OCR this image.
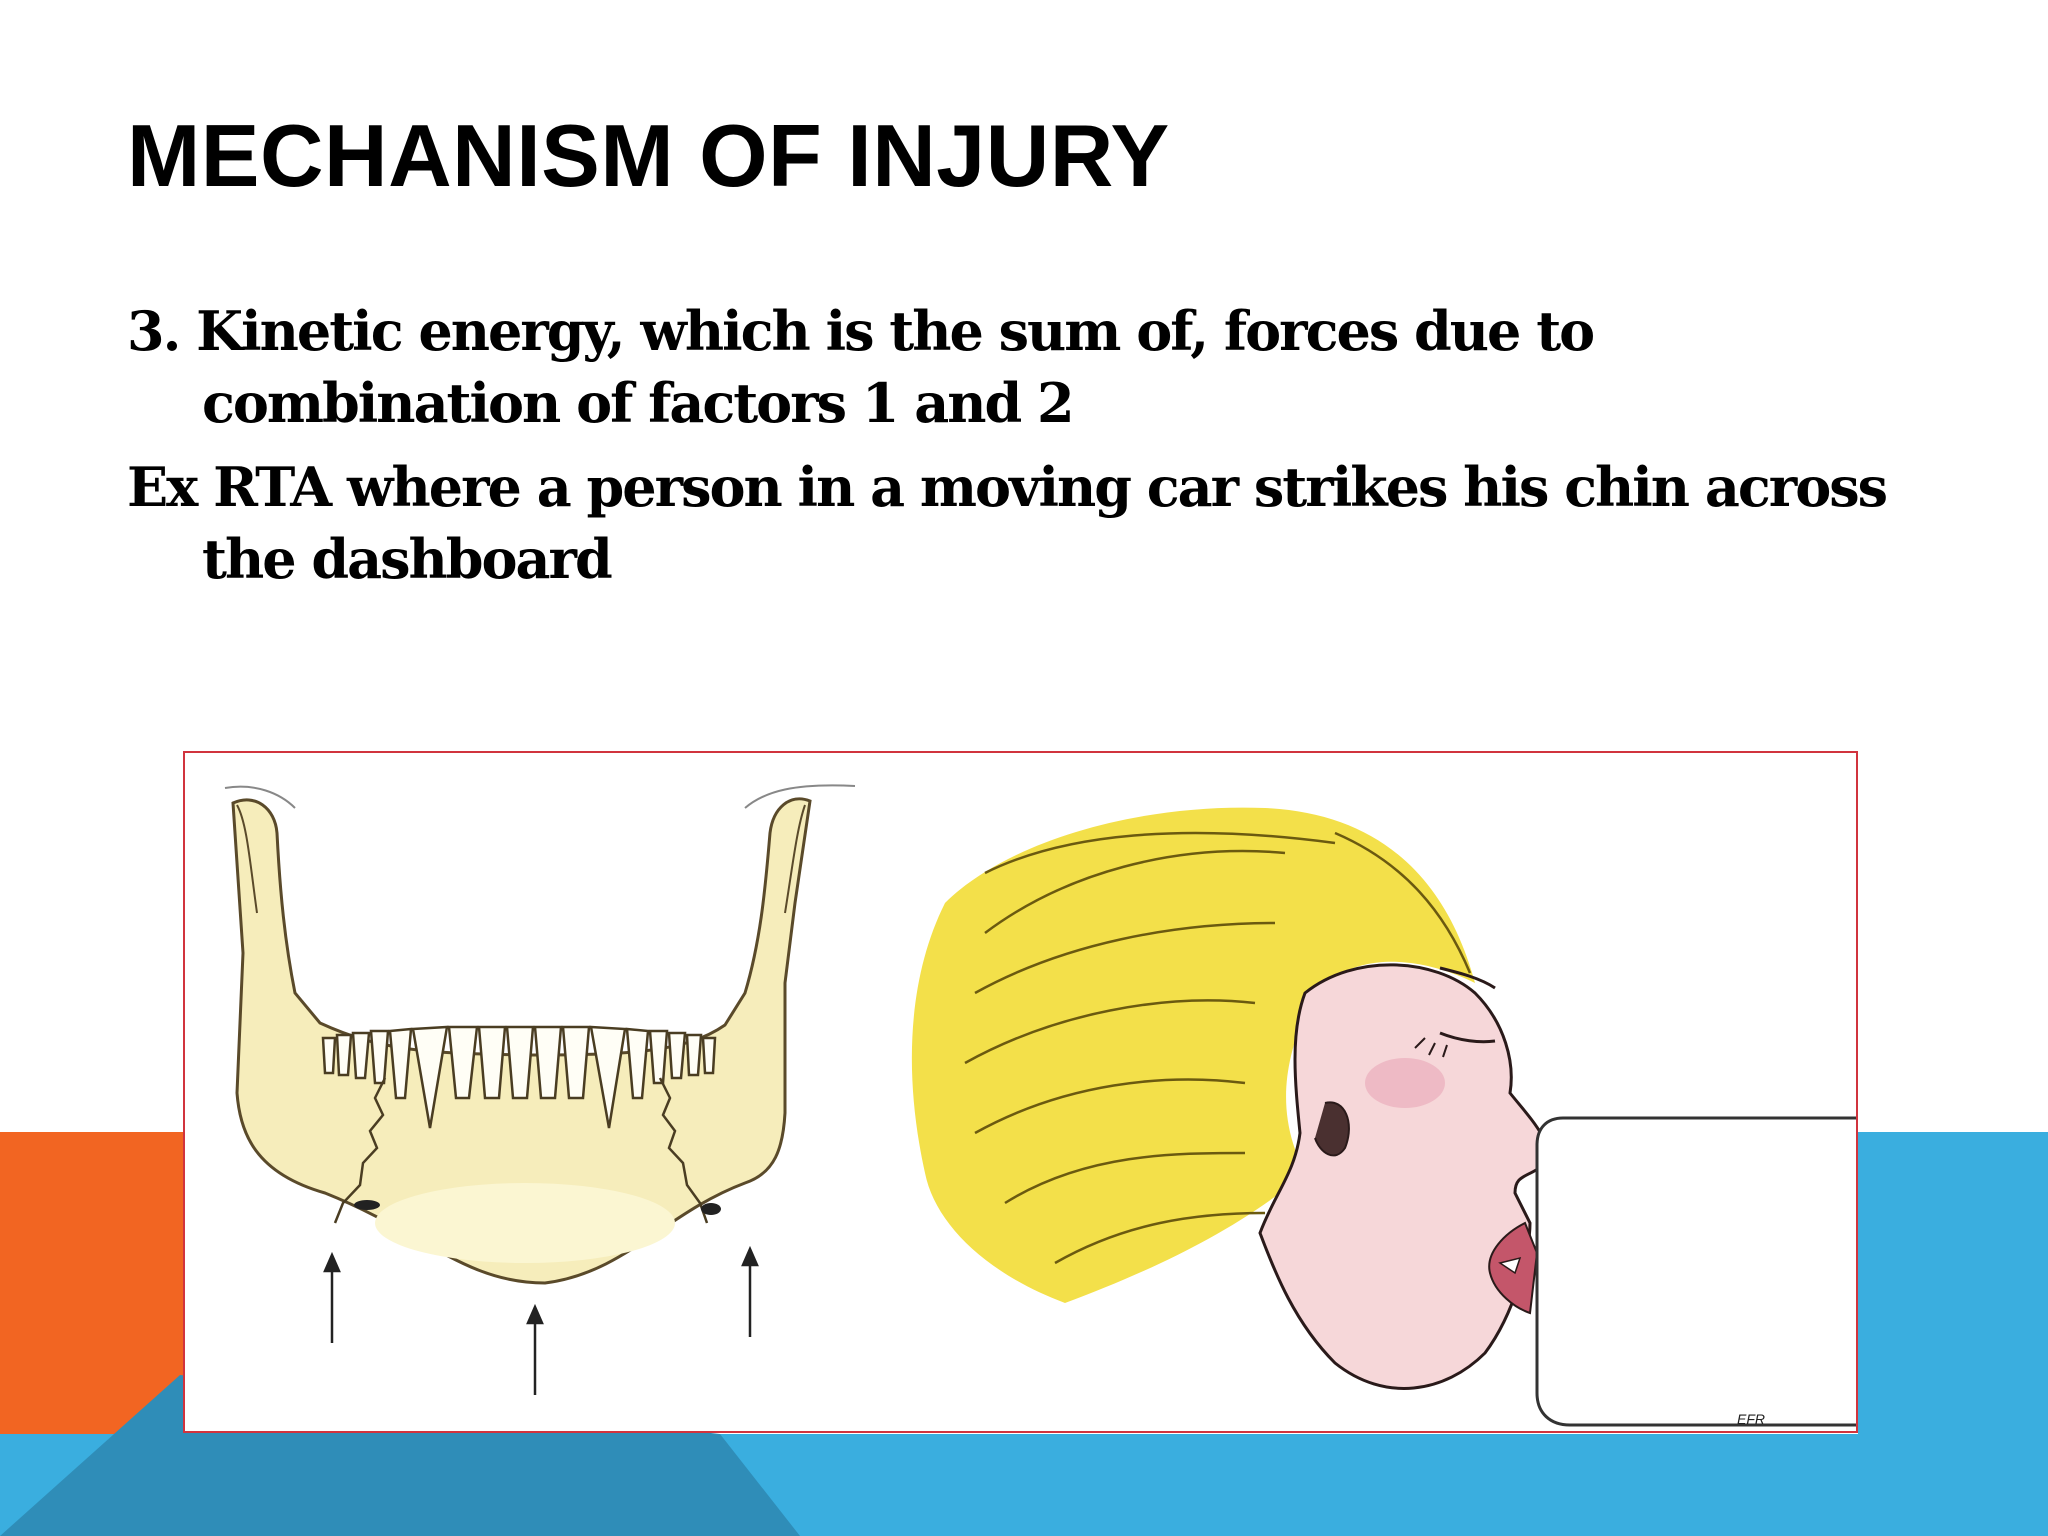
MECHANISM OF INJURY
3. Kinetic energy, which is the sum of, forces due to combination of factors 1 and 2
Ex RTA where a person in a moving car strikes his chin across the dashboard

EFR
